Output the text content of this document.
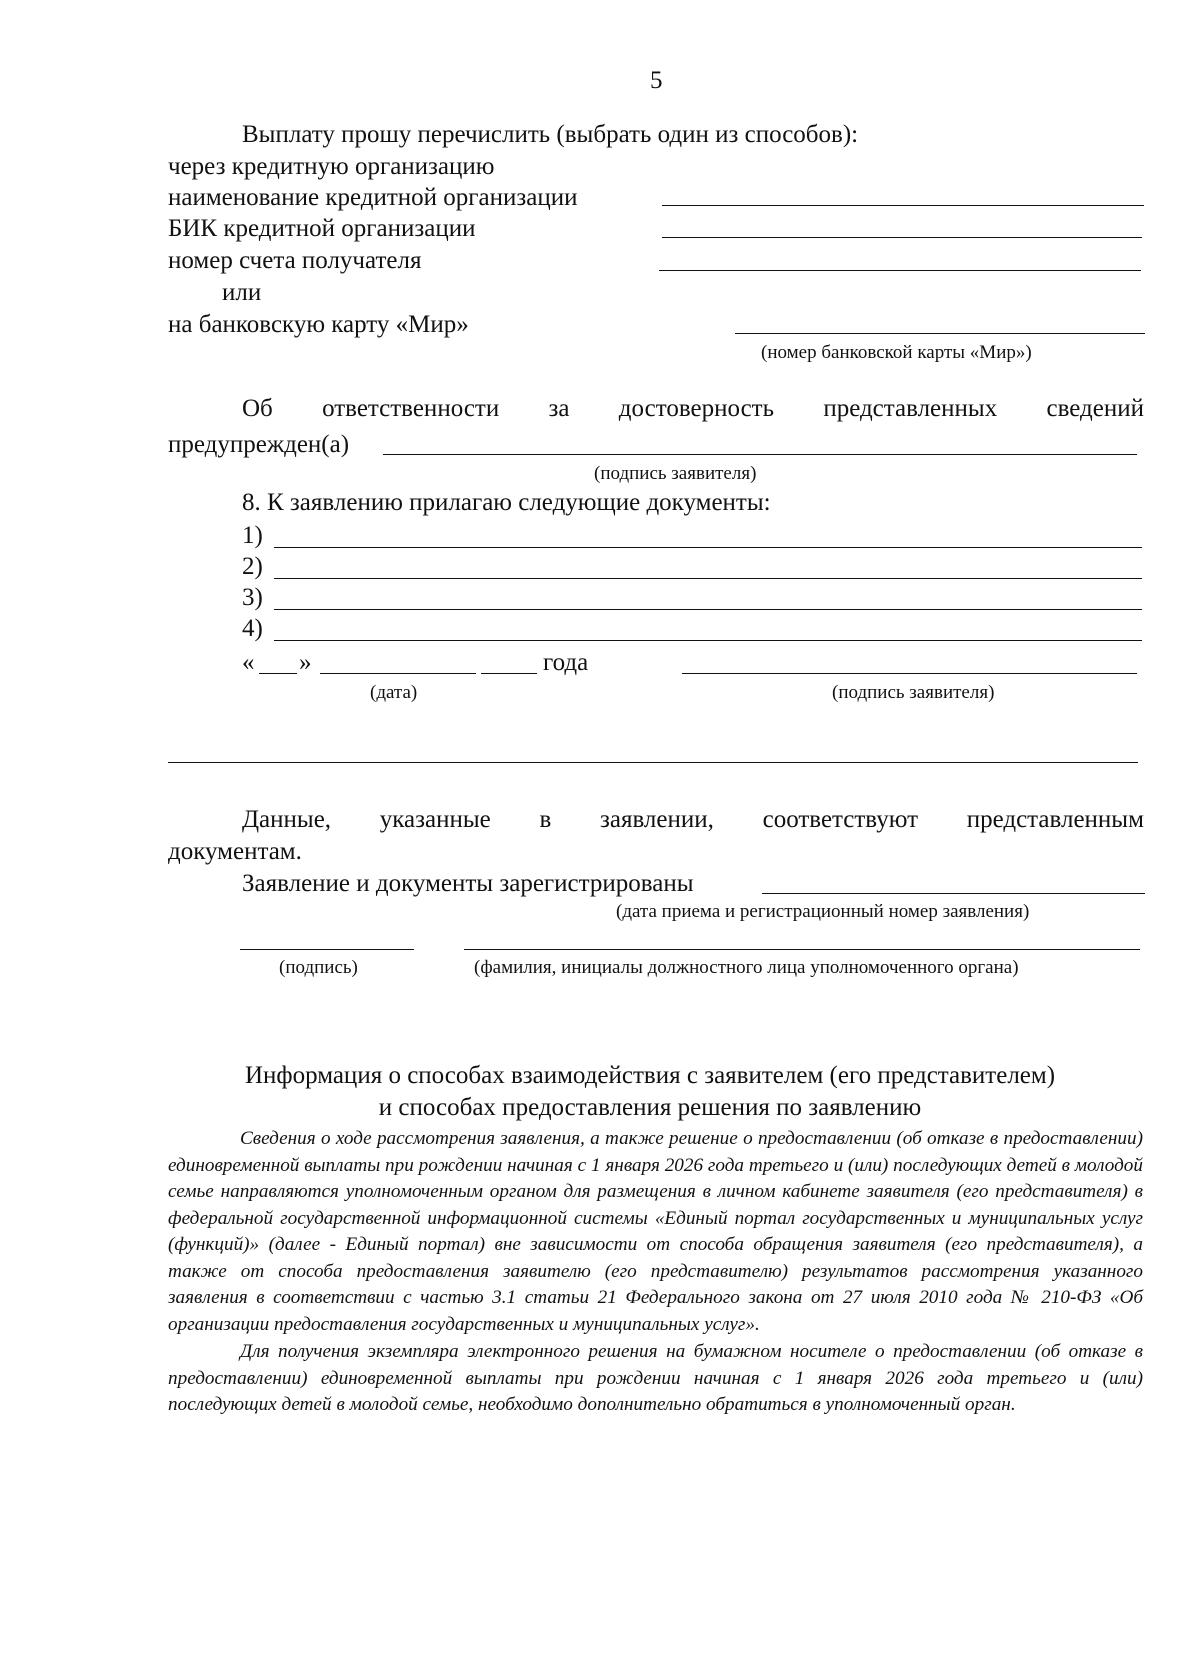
5
Выплату прошу перечислить (выбрать один из способов):
через кредитную организацию
наименование кредитной организации
БИК кредитной организации
номер счета получателя
или
на банковскую карту «Мир»
(номер банковской карты «Мир»)
Об ответственности за достоверность представленных сведений
предупрежден(а)
(подпись заявителя)
8. К заявлению прилагаю следующие документы:
1)
2)
3)
4)
« »	года
(дата)	(подпись заявителя)
Данные, указанные в заявлении, соответствуют представленным
документам.
Заявление и документы зарегистрированы
(дата приема и регистрационный номер заявления)
(подпись)	(фамилия, инициалы должностного лица уполномоченного органа)
Информация о способах взаимодействия с заявителем (его представителем)
и способах предоставления решения по заявлению

Сведения о ходе рассмотрения заявления, а также решение о предоставлении (об отказе в предоставлении) единовременной выплаты при рождении начиная с 1 января 2026 года третьего и (или) последующих детей в молодой семье направляются уполномоченным органом для размещения в личном кабинете заявителя (его представителя) в федеральной государственной информационной системы «Единый портал государственных и муниципальных услуг (функций)» (далее - Единый портал) вне зависимости от способа обращения заявителя (его представителя), а также от способа предоставления заявителю (его представителю) результатов рассмотрения указанного заявления в соответствии с частью 3.1 статьи 21 Федерального закона от 27 июля 2010 года № 210-ФЗ «Об организации предоставления государственных и муниципальных услуг».

Для получения экземпляра электронного решения на бумажном носителе о предоставлении (об отказе в предоставлении) единовременной выплаты при рождении начиная с 1 января 2026 года третьего и (или) последующих детей в молодой семье, необходимо дополнительно обратиться в уполномоченный орган.
